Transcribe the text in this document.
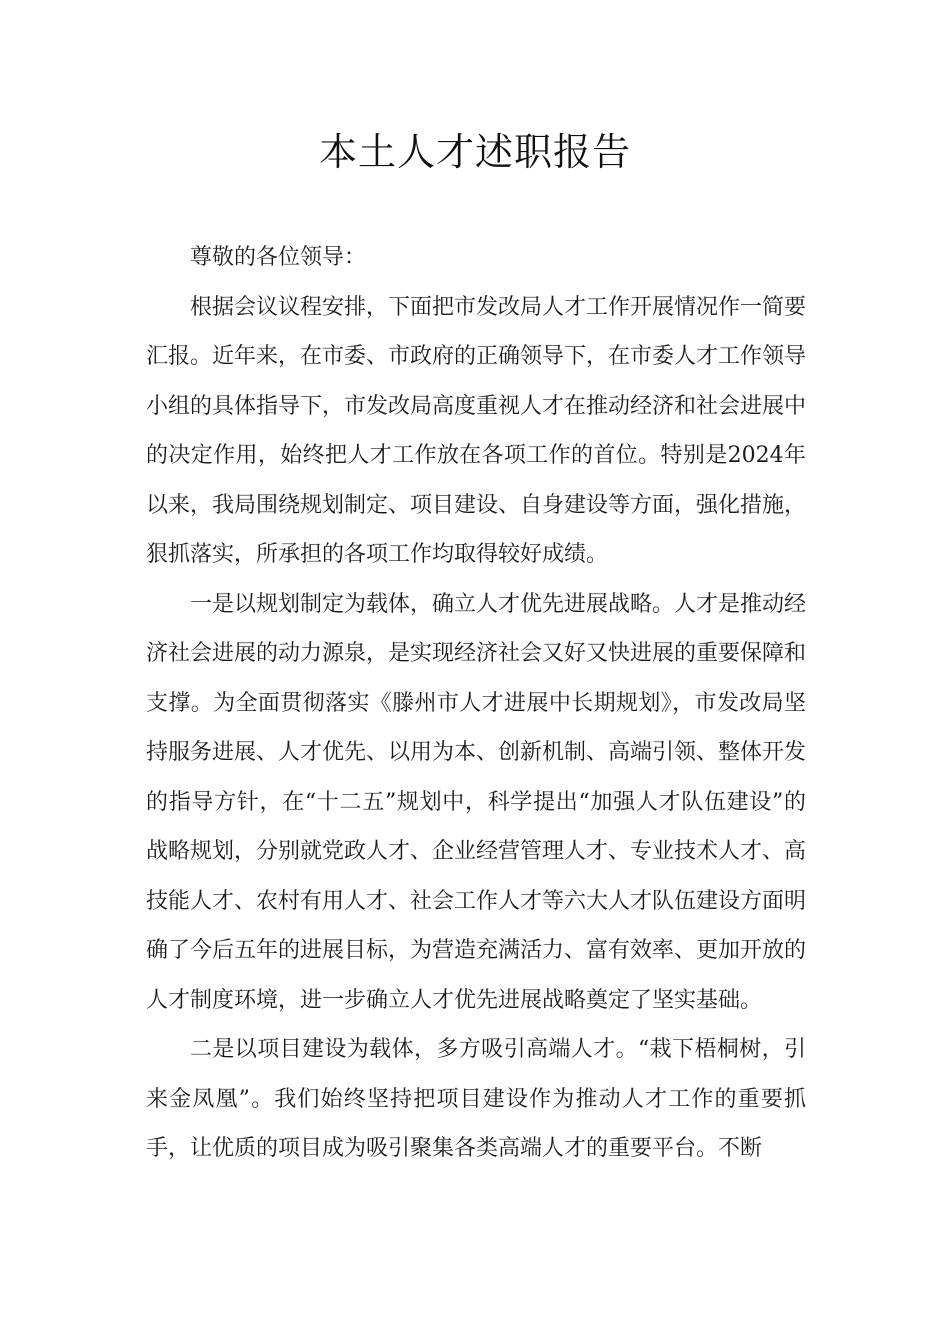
本土人才述职报告

尊敬的各位领导：

根据会议议程安排，下面把市发改局人才工作开展情况作一简要汇报。近年来，在市委、市政府的正确领导下，在市委人才工作领导小组的具体指导下，市发改局高度重视人才在推动经济和社会进展中的决定作用，始终把人才工作放在各项工作的首位。特别是2024年以来，我局围绕规划制定、项目建设、自身建设等方面，强化措施，狠抓落实，所承担的各项工作均取得较好成绩。

一是以规划制定为载体，确立人才优先进展战略。人才是推动经济社会进展的动力源泉，是实现经济社会又好又快进展的重要保障和支撑。为全面贯彻落实《滕州市人才进展中长期规划》，市发改局坚持服务进展、人才优先、以用为本、创新机制、高端引领、整体开发的指导方针，在“十二五”规划中，科学提出“加强人才队伍建设”的战略规划，分别就党政人才、企业经营管理人才、专业技术人才、高技能人才、农村有用人才、社会工作人才等六大人才队伍建设方面明确了今后五年的进展目标，为营造充满活力、富有效率、更加开放的人才制度环境，进一步确立人才优先进展战略奠定了坚实基础。

二是以项目建设为载体，多方吸引高端人才。“栽下梧桐树，引来金凤凰”。我们始终坚持把项目建设作为推动人才工作的重要抓手，让优质的项目成为吸引聚集各类高端人才的重要平台。不断
